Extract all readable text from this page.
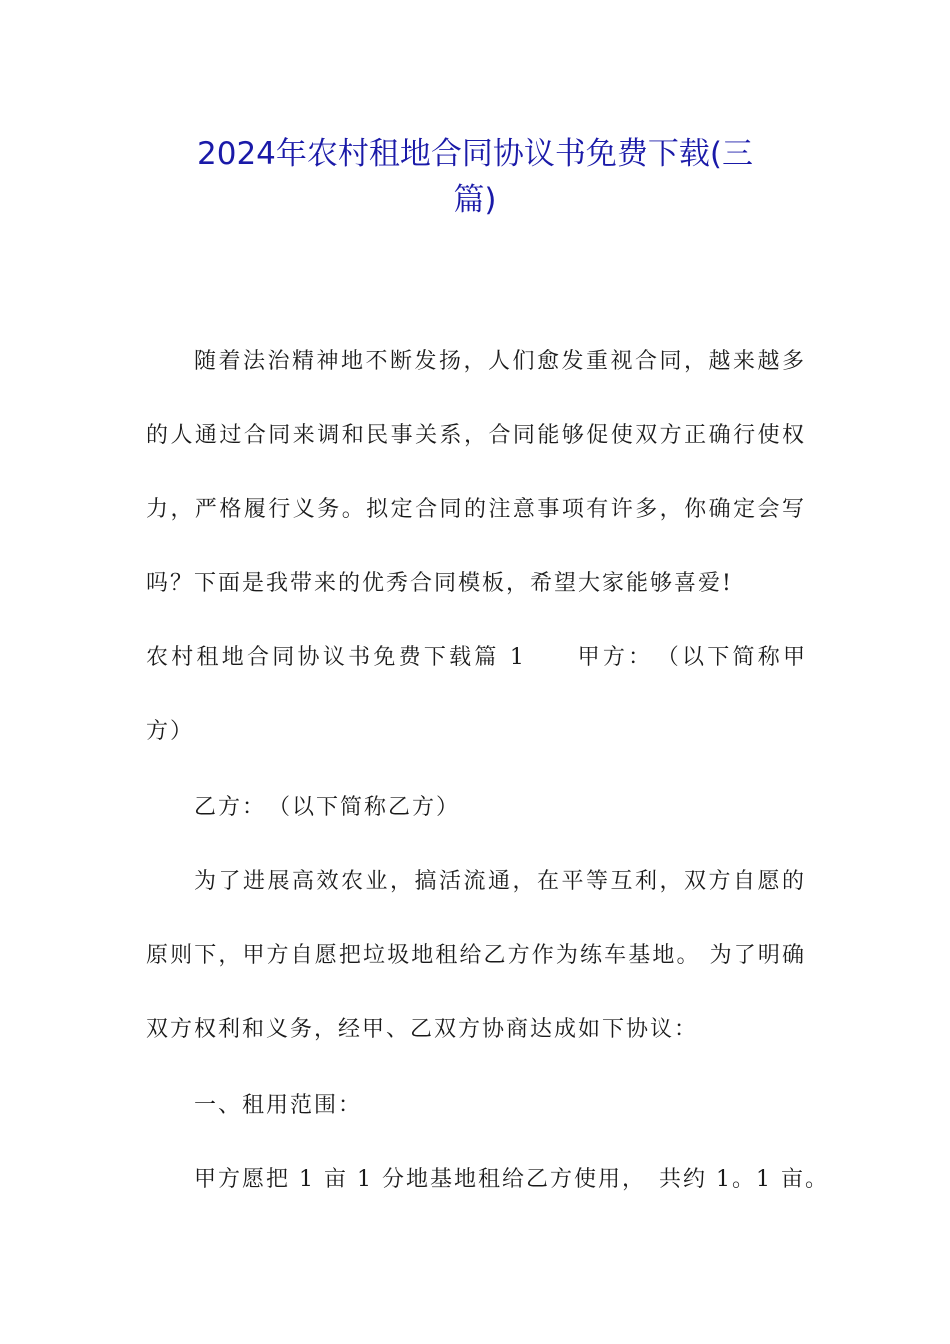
2024年农村租地合同协议书免费下载(三
篇)
随着法治精神地不断发扬，人们愈发重视合同，越来越多
的人通过合同来调和民事关系，合同能够促使双方正确行使权
力，严格履行义务。拟定合同的注意事项有许多，你确定会写
吗？下面是我带来的优秀合同模板，希望大家能够喜爱!
农村租地合同协议书免费下载篇 1　　甲方：　（以下简称甲
方）
乙方：　（以下简称乙方）
为了进展高效农业，搞活流通，在平等互利，双方自愿的
原则下，甲方自愿把垃圾地租给乙方作为练车基地。 为了明确
双方权利和义务，经甲、乙双方协商达成如下协议：
一、租用范围：
甲方愿把 1 亩 1 分地基地租给乙方使用，　共约 1。1 亩。
